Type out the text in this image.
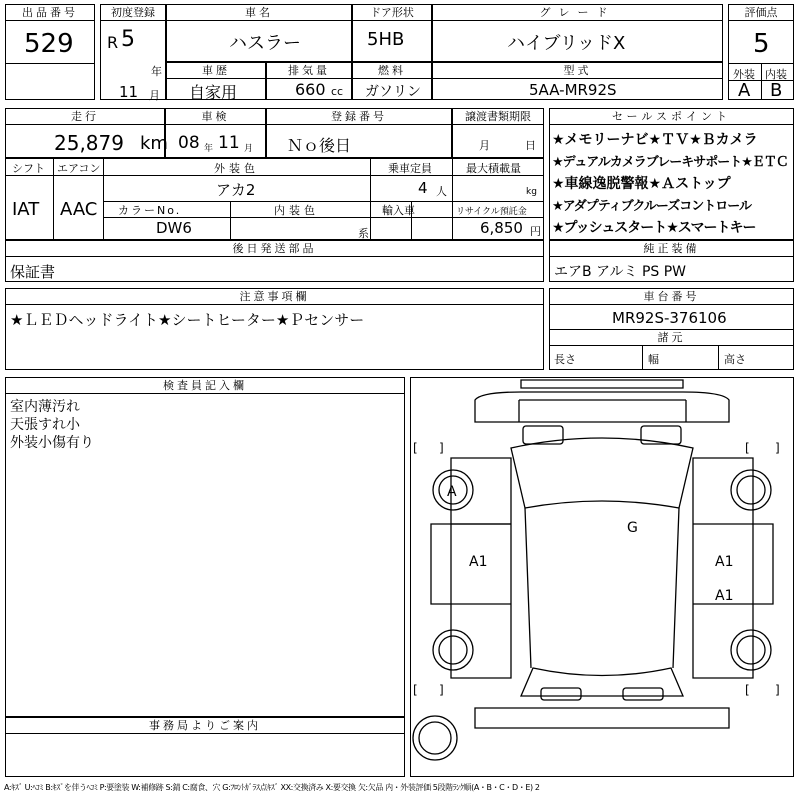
出品番号
529
初度登録
R 5
年
11 月
車名
ハスラー
ドア形状
5HB
グレード
ハイブリッドX
評価点
5
外装 内装
A B
車歴
自家用
排気量
660 cc
燃料
ガソリン
型式
5AA-MR92S
走行
25,879 km
車検
08 年 11 月
登録番号
Ｎｏ後日
譲渡書類期限
月	日
セールスポイント
★メモリーナビ★ＴＶ★Ｂカメラ
★デュアルカメラブレーキサポート★ＥＴＣ
★車線逸脱警報★Ａストップ
★アダプティブクルーズコントロール
★プッシュスタート★スマートキー
シフト エアコン
IAT AAC
外装色
アカ2
乗車定員
4 人
最大積載量
kg
カラーNo.
DW6
内装色
系
輸入車	リサイクル預託金
6,850 円
後日発送部品
保証書
純正装備
エアB アルミ PS PW
注意事項欄
★ＬＥＤヘッドライト★シートヒーター★Ｐセンサー
車台番号
MR92S-376106
諸元
長さ	幅	高さ
検査員記入欄
室内薄汚れ
天張すれ小
外装小傷有り
事務局よりご案内
[ ]	[ ]
[ ]	[ ]
A
G
A1	A1
A1
A:ｷｽﾞ U:ﾍｺﾐ B:ｷｽﾞを伴うﾍｺﾐ P:要塗装 W:補修跡 S:錆 C:腐食、穴 G:ﾌﾛﾝﾄｶﾞﾗｽ点ｷｽﾞ XX:交換済み X:要交換 欠:欠品 内・外装評価 5段階ﾗﾝｸ順(A・B・C・D・E) 2
